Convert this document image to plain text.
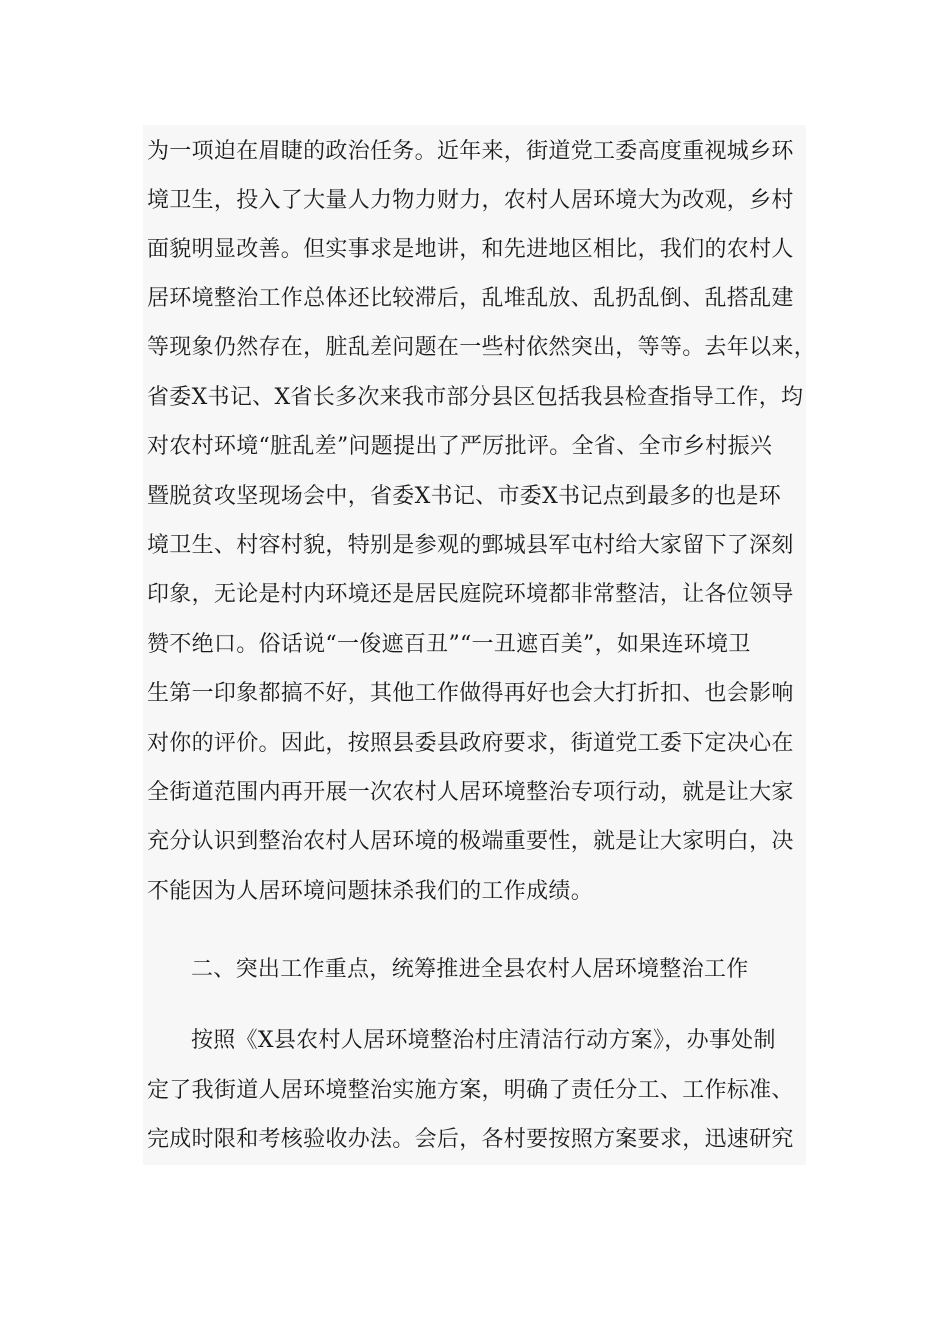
为一项迫在眉睫的政治任务。近年来，街道党工委高度重视城乡环
境卫生，投入了大量人力物力财力，农村人居环境大为改观，乡村
面貌明显改善。但实事求是地讲，和先进地区相比，我们的农村人
居环境整治工作总体还比较滞后，乱堆乱放、乱扔乱倒、乱搭乱建
等现象仍然存在，脏乱差问题在一些村依然突出，等等。去年以来，
省委X书记、X省长多次来我市部分县区包括我县检查指导工作，均
对农村环境“脏乱差”问题提出了严厉批评。全省、全市乡村振兴
暨脱贫攻坚现场会中，省委X书记、市委X书记点到最多的也是环
境卫生、村容村貌，特别是参观的鄄城县军屯村给大家留下了深刻
印象，无论是村内环境还是居民庭院环境都非常整洁，让各位领导
赞不绝口。俗话说“一俊遮百丑”“一丑遮百美”，如果连环境卫
生第一印象都搞不好，其他工作做得再好也会大打折扣、也会影响
对你的评价。因此，按照县委县政府要求，街道党工委下定决心在
全街道范围内再开展一次农村人居环境整治专项行动，就是让大家
充分认识到整治农村人居环境的极端重要性，就是让大家明白，决
不能因为人居环境问题抹杀我们的工作成绩。
二、突出工作重点，统筹推进全县农村人居环境整治工作
按照《X县农村人居环境整治村庄清洁行动方案》，办事处制
定了我街道人居环境整治实施方案，明确了责任分工、工作标准、
完成时限和考核验收办法。会后，各村要按照方案要求，迅速研究
